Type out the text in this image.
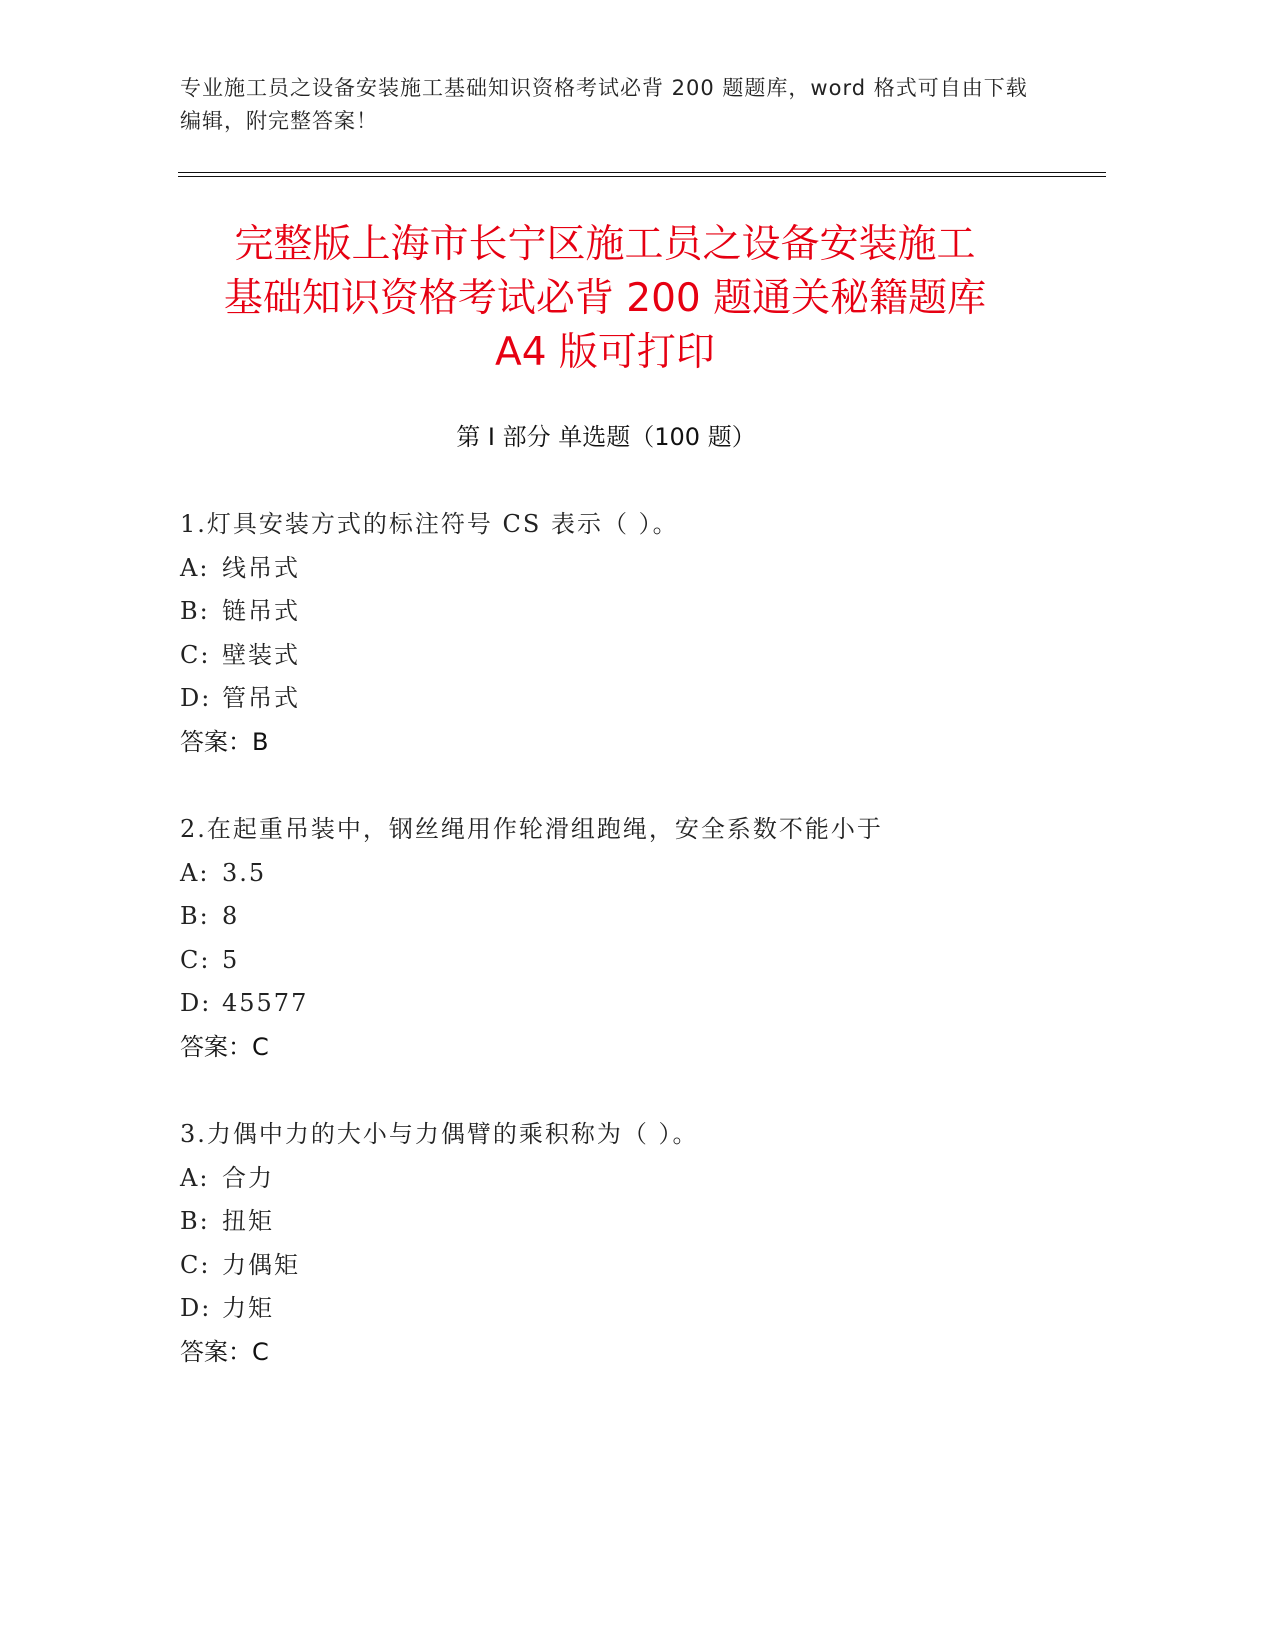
专业施工员之设备安装施工基础知识资格考试必背 200 题题库，word 格式可自由下载编辑，附完整答案！
完整版上海市长宁区施工员之设备安装施工
基础知识资格考试必背 200 题通关秘籍题库
A4 版可打印
第 I 部分 单选题（100 题）
1.灯具安装方式的标注符号 CS 表示（ ）。
A: 线吊式
B: 链吊式
C: 壁装式
D: 管吊式
答案：B
2.在起重吊装中，钢丝绳用作轮滑组跑绳，安全系数不能小于
A: 3.5
B: 8
C: 5
D: 45577
答案：C
3.力偶中力的大小与力偶臂的乘积称为（ ）。
A: 合力
B: 扭矩
C: 力偶矩
D: 力矩
答案：C
